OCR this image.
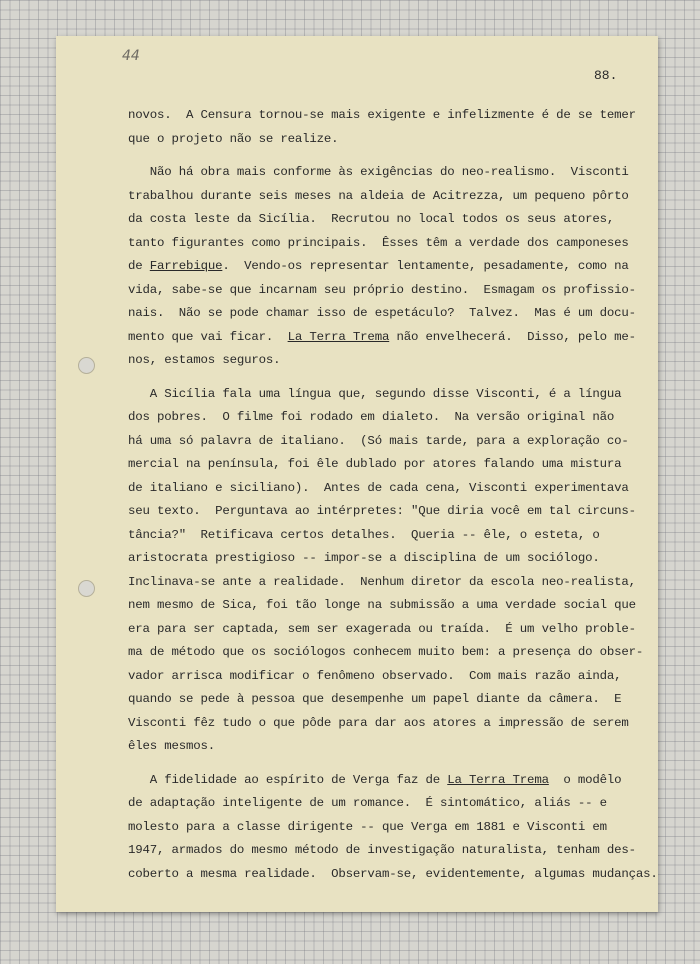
44
88.
novos.  A Censura tornou-se mais exigente e infelizmente é de se temer
que o projeto não se realize.
Não há obra mais conforme às exigências do neo-realismo.  Visconti
trabalhou durante seis meses na aldeia de Acitrezza, um pequeno pôrto
da costa leste da Sicília.  Recrutou no local todos os seus atores,
tanto figurantes como principais.  Êsses têm a verdade dos camponeses
de Farrebique.  Vendo-os representar lentamente, pesadamente, como na
vida, sabe-se que incarnam seu próprio destino.  Esmagam os profissio-
nais.  Não se pode chamar isso de espetáculo?  Talvez.  Mas é um docu-
mento que vai ficar.  La Terra Trema não envelhecerá.  Disso, pelo me-
nos, estamos seguros.
A Sicília fala uma língua que, segundo disse Visconti, é a língua
dos pobres.  O filme foi rodado em dialeto.  Na versão original não
há uma só palavra de italiano.  (Só mais tarde, para a exploração co-
mercial na península, foi êle dublado por atores falando uma mistura
de italiano e siciliano).  Antes de cada cena, Visconti experimentava
seu texto.  Perguntava ao intérpretes: "Que diria você em tal circuns-
tância?"  Retificava certos detalhes.  Queria -- êle, o esteta, o
aristocrata prestigioso -- impor-se a disciplina de um sociólogo.
Inclinava-se ante a realidade.  Nenhum diretor da escola neo-realista,
nem mesmo de Sica, foi tão longe na submissão a uma verdade social que
era para ser captada, sem ser exagerada ou traída.  É um velho proble-
ma de método que os sociólogos conhecem muito bem: a presença do obser-
vador arrisca modificar o fenômeno observado.  Com mais razão ainda,
quando se pede à pessoa que desempenhe um papel diante da câmera.  E
Visconti fêz tudo o que pôde para dar aos atores a impressão de serem
êles mesmos.
A fidelidade ao espírito de Verga faz de La Terra Trema  o modêlo
de adaptação inteligente de um romance.  É sintomático, aliás -- e
molesto para a classe dirigente -- que Verga em 1881 e Visconti em
1947, armados do mesmo método de investigação naturalista, tenham des-
coberto a mesma realidade.  Observam-se, evidentemente, algumas mudanças.
